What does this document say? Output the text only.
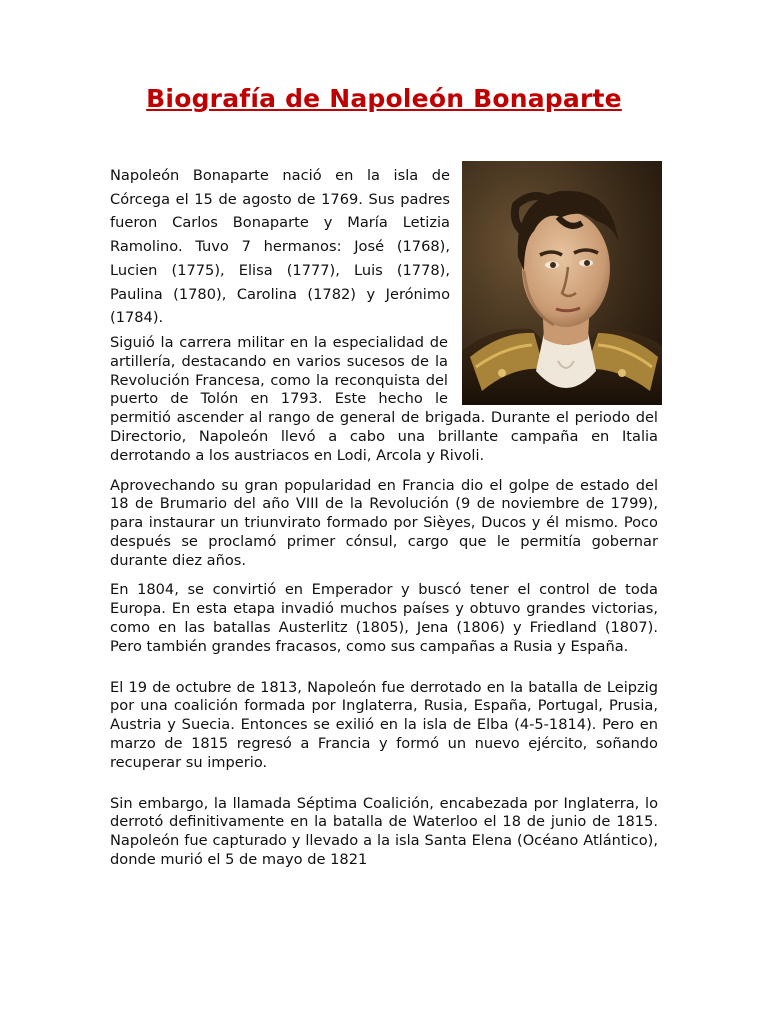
Biografía de Napoleón Bonaparte

Napoleón Bonaparte nació en la isla de Córcega el 15 de agosto de 1769. Sus padres fueron Carlos Bonaparte y María Letizia Ramolino. Tuvo 7 hermanos: José (1768), Lucien (1775), Elisa (1777), Luis (1778), Paulina (1780), Carolina (1782) y Jerónimo (1784).

Siguió la carrera militar en la especialidad de artillería, destacando en varios sucesos de la Revolución Francesa, como la reconquista del puerto de Tolón en 1793. Este hecho le permitió ascender al rango de general de brigada. Durante el periodo del Directorio, Napoleón llevó a cabo una brillante campaña en Italia derrotando a los austriacos en Lodi, Arcola y Rivoli.

Aprovechando su gran popularidad en Francia dio el golpe de estado del 18 de Brumario del año VIII de la Revolución (9 de noviembre de 1799), para instaurar un triunvirato formado por Sièyes, Ducos y él mismo. Poco después se proclamó primer cónsul, cargo que le permitía gobernar durante diez años.

En 1804, se convirtió en Emperador y buscó tener el control de toda Europa. En esta etapa invadió muchos países y obtuvo grandes victorias, como en las batallas Austerlitz (1805), Jena (1806) y Friedland (1807). Pero también grandes fracasos, como sus campañas a Rusia y España.

El 19 de octubre de 1813, Napoleón fue derrotado en la batalla de Leipzig por una coalición formada por Inglaterra, Rusia, España, Portugal, Prusia, Austria y Suecia. Entonces se exilió en la isla de Elba (4-5-1814). Pero en marzo de 1815 regresó a Francia y formó un nuevo ejército, soñando recuperar su imperio.

Sin embargo, la llamada Séptima Coalición, encabezada por Inglaterra, lo derrotó definitivamente en la batalla de Waterloo el 18 de junio de 1815. Napoleón fue capturado y llevado a la isla Santa Elena (Océano Atlántico), donde murió el 5 de mayo de 1821
